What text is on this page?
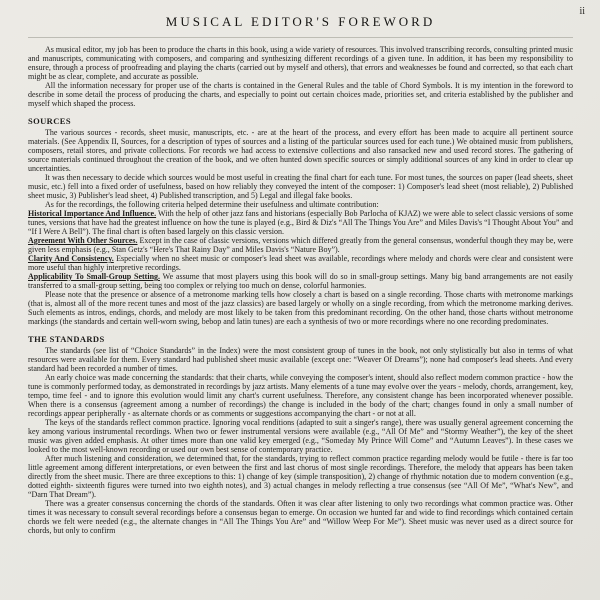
ii
MUSICAL EDITOR'S FOREWORD

As musical editor, my job has been to produce the charts in this book, using a wide variety of resources. This involved transcribing records, consulting printed music and manuscripts, communicating with composers, and comparing and synthesizing different recordings of a given tune. In addition, it has been my responsibility to ensure, through a process of proofreading and playing the charts (carried out by myself and others), that errors and weaknesses be found and corrected, so that each chart might be as clear, complete, and accurate as possible.

All the information necessary for proper use of the charts is contained in the General Rules and the table of Chord Symbols. It is my intention in the foreword to describe in some detail the process of producing the charts, and especially to point out certain choices made, priorities set, and criteria established by the publisher and myself which shaped the process.

SOURCES

The various sources - records, sheet music, manuscripts, etc. - are at the heart of the process, and every effort has been made to acquire all pertinent source materials. (See Appendix II, Sources, for a description of types of sources and a listing of the particular sources used for each tune.) We obtained music from publishers, composers, retail stores, and private collections. For records we had access to extensive collections and also ransacked new and used record stores. The gathering of source materials continued throughout the creation of the book, and we often hunted down specific sources or simply additional sources of any kind in order to clear up uncertainties.

It was then necessary to decide which sources would be most useful in creating the final chart for each tune. For most tunes, the sources on paper (lead sheets, sheet music, etc.) fell into a fixed order of usefulness, based on how reliably they conveyed the intent of the composer: 1) Composer's lead sheet (most reliable), 2) Published sheet music, 3) Publisher's lead sheet, 4) Published transcription, and 5) Legal and illegal fake books.

As for the recordings, the following criteria helped determine their usefulness and ultimate contribution:

Historical Importance And Influence. With the help of other jazz fans and historians (especially Bob Parlocha of KJAZ) we were able to select classic versions of some tunes, versions that have had the greatest influence on how the tune is played (e.g., Bird & Diz's “All The Things You Are” and Miles Davis's “I Thought About You” and “If I Were A Bell”). The final chart is often based largely on this classic version.

Agreement With Other Sources. Except in the case of classic versions, versions which differed greatly from the general consensus, wonderful though they may be, were given less emphasis (e.g., Stan Getz's “Here's That Rainy Day” and Miles Davis's “Nature Boy”).

Clarity And Consistency. Especially when no sheet music or composer's lead sheet was available, recordings where melody and chords were clear and consistent were more useful than highly interpretive recordings.

Applicability To Small-Group Setting. We assume that most players using this book will do so in small-group settings. Many big band arrangements are not easily transferred to a small-group setting, being too complex or relying too much on dense, colorful harmonies.

Please note that the presence or absence of a metronome marking tells how closely a chart is based on a single recording. Those charts with metronome markings (that is, almost all of the more recent tunes and most of the jazz classics) are based largely or wholly on a single recording, from which the metronome marking derives. Such elements as intros, endings, chords, and melody are most likely to be taken from this predominant recording. On the other hand, those charts without metronome markings (the standards and certain well-worn swing, bebop and latin tunes) are each a synthesis of two or more recordings where no one recording predominates.

THE STANDARDS

The standards (see list of “Choice Standards” in the Index) were the most consistent group of tunes in the book, not only stylistically but also in terms of what resources were available for them. Every standard had published sheet music available (except one: “Weaver Of Dreams”); none had composer's lead sheets. And every standard had been recorded a number of times.

An early choice was made concerning the standards: that their charts, while conveying the composer's intent, should also reflect modern common practice - how the tune is commonly performed today, as demonstrated in recordings by jazz artists. Many elements of a tune may evolve over the years - melody, chords, arrangement, key, tempo, time feel - and to ignore this evolution would limit any chart's current usefulness. Therefore, any consistent change has been incorporated whenever possible. When there is a consensus (agreement among a number of recordings) the change is included in the body of the chart; changes found in only a small number of recordings appear peripherally - as alternate chords or as comments or suggestions accompanying the chart - or not at all.

The keys of the standards reflect common practice. Ignoring vocal renditions (adapted to suit a singer's range), there was usually general agreement concerning the key among various instrumental recordings. When two or fewer instrumental versions were available (e.g., “All Of Me” and “Stormy Weather”), the key of the sheet music was given added emphasis. At other times more than one valid key emerged (e.g., “Someday My Prince Will Come” and “Autumn Leaves”). In these cases we looked to the most well-known recording or used our own best sense of contemporary practice.

After much listening and consideration, we determined that, for the standards, trying to reflect common practice regarding melody would be futile - there is far too little agreement among different interpretations, or even between the first and last chorus of most single recordings. Therefore, the melody that appears has been taken directly from the sheet music. There are three exceptions to this: 1) change of key (simple transposition), 2) change of rhythmic notation due to modern convention (e.g., dotted eighth- sixteenth figures were turned into two eighth notes), and 3) actual changes in melody reflecting a true consensus (see “All Of Me”, “What's New”, and “Darn That Dream”).

There was a greater consensus concerning the chords of the standards. Often it was clear after listening to only two recordings what common practice was. Other times it was necessary to consult several recordings before a consensus began to emerge. On occasion we hunted far and wide to find recordings which contained certain chords we felt were needed (e.g., the alternate changes in “All The Things You Are” and “Willow Weep For Me”). Sheet music was never used as a direct source for chords, but only to confirm
